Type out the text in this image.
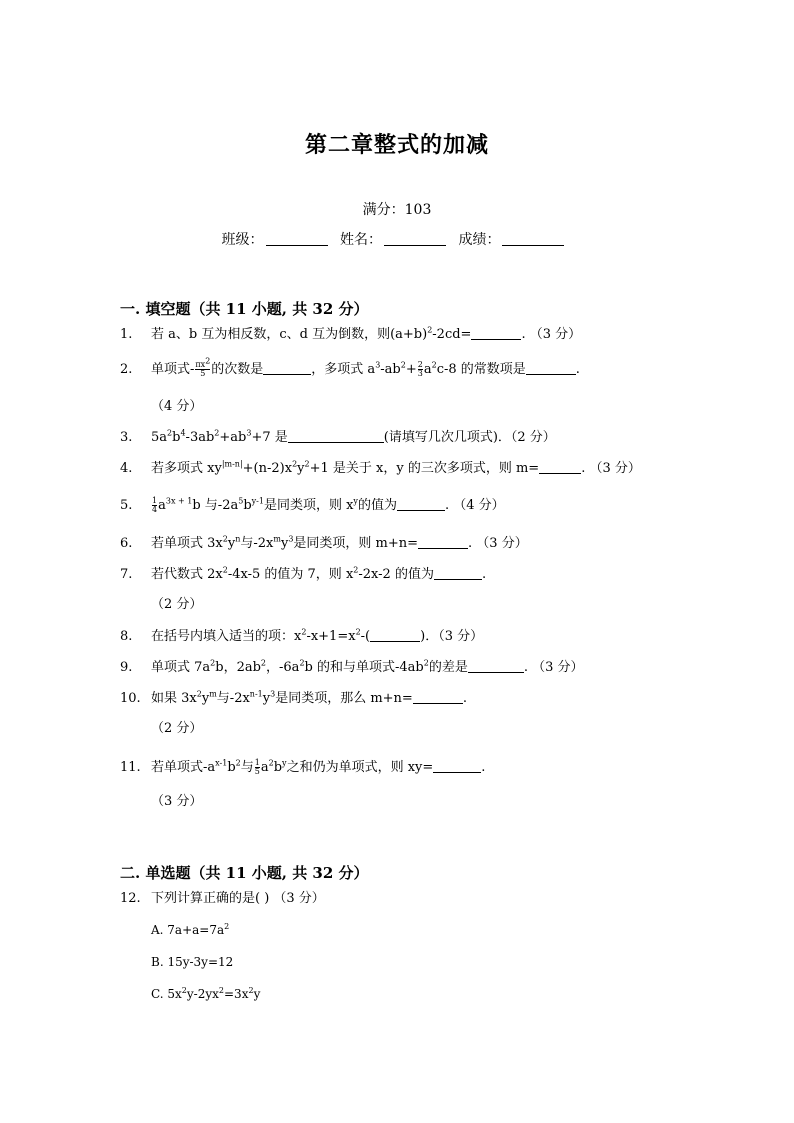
第二章整式的加减
满分：103
班级：	姓名：	成绩：
一. 填空题（共 11 小题, 共 32 分）
1. 若 a、b 互为相反数，c、d 互为倒数，则$(a+b)^2-2cd=$	. （3 分）
2. 单项式- $\frac{\pi x^2}{5}$ 的次数是	，多项式 $a^3-ab^2+ \frac{2}{3} a^2c-8$ 的常数项是	.
（4 分）
3. $5a^2b^4-3ab^2+ab^3+7$ 是	(请填写几次几项式)．（2 分）
4. 若多项式 $xy^{|m-n|}+(n-2)x^2y^2+1$ 是关于 x，y 的三次多项式，则 m=	. （3 分）
5. $\frac{1}{4} a^{3x + 1}b$ 与$-2a^5b^{y-1}$是同类项，则 $x^y$的值为	. （4 分）
6. 若单项式 $3x^2y^n$与$-2x^my^3$是同类项，则 m+n=	. （3 分）
7. 若代数式 $2x^2-4x-5$ 的值为 7，则 $x^2-2x-2$ 的值为	.
（2 分）
8. 在括号内填入适当的项：$x^2-x+1=x^2-$(	)．（3 分）
9. 单项式 $7a^2b$，$2ab^2$，$-6a^2b$ 的和与单项式$-4ab^2$的差是	. （3 分）
10. 如果 $3x^2y^m$与$-2x^{n-1}y^3$是同类项，那么 m+n=	.
（2 分）
11. 若单项式$-a^{x-1}b^2$与 $\frac{1}{5} a^2b^y$之和仍为单项式，则 xy=	.
（3 分）
二. 单选题（共 11 小题, 共 32 分）
12. 下列计算正确的是( ) （3 分）
A. $7a+a=7a^2$
B. 15y-3y=12
C. $5x^2y-2yx^2=3x^2y$
